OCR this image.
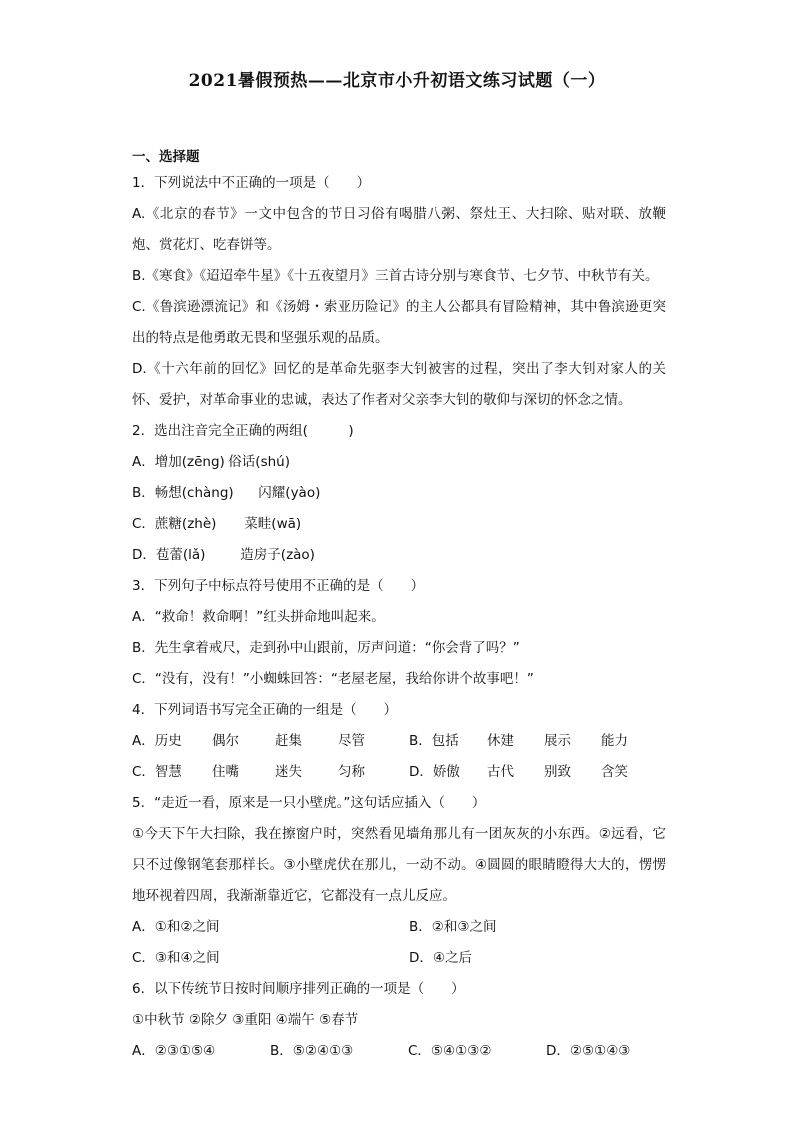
2021暑假预热——北京市小升初语文练习试题（一）
一、选择题
1．下列说法中不正确的一项是（　　）
A.《北京的春节》一文中包含的节日习俗有喝腊八粥、祭灶王、大扫除、贴对联、放鞭炮、赏花灯、吃春饼等。
B.《寒食》《迢迢牵牛星》《十五夜望月》三首古诗分别与寒食节、七夕节、中秋节有关。
C.《鲁滨逊漂流记》和《汤姆・索亚历险记》的主人公都具有冒险精神，其中鲁滨逊更突出的特点是他勇敢无畏和坚强乐观的品质。
D.《十六年前的回忆》回忆的是革命先驱李大钊被害的过程，突出了李大钊对家人的关怀、爱护，对革命事业的忠诚，表达了作者对父亲李大钊的敬仰与深切的怀念之情。
2．选出注音完全正确的两组(　　　)
A．增加(zēng) 俗话(shú)
B．畅想(chàng) 闪耀(yào)
C．蔗糖(zhè) 菜畦(wā)
D．苞蕾(lǎ)	造房子(zào)
3．下列句子中标点符号使用不正确的是（　　）
A．“救命！救命啊！”红头拼命地叫起来。
B．先生拿着戒尺，走到孙中山跟前，厉声问道：“你会背了吗？”
C．“没有，没有！”小蜘蛛回答：“老屋老屋，我给你讲个故事吧！”
4．下列词语书写完全正确的一组是（　　）
A．历史 偶尔	赶集	尽管	B．包括 休建 展示 能力
C．智慧 住嘴	迷失	匀称	D．娇傲 古代 别致 含笑
5．“走近一看，原来是一只小壁虎。”这句话应插入（　　）
①今天下午大扫除，我在擦窗户时，突然看见墙角那儿有一团灰灰的小东西。②远看，它只不过像钢笔套那样长。③小壁虎伏在那儿，一动不动。④圆圆的眼睛瞪得大大的，愣愣地环视着四周，我渐渐靠近它，它都没有一点儿反应。
A．①和②之间	B．②和③之间
C．③和④之间	D．④之后
6．以下传统节日按时间顺序排列正确的一项是（　　）
①中秋节 ②除夕 ③重阳 ④端午 ⑤春节
A．②③①⑤④	B．⑤②④①③	C．⑤④①③②	D．②⑤①④③
